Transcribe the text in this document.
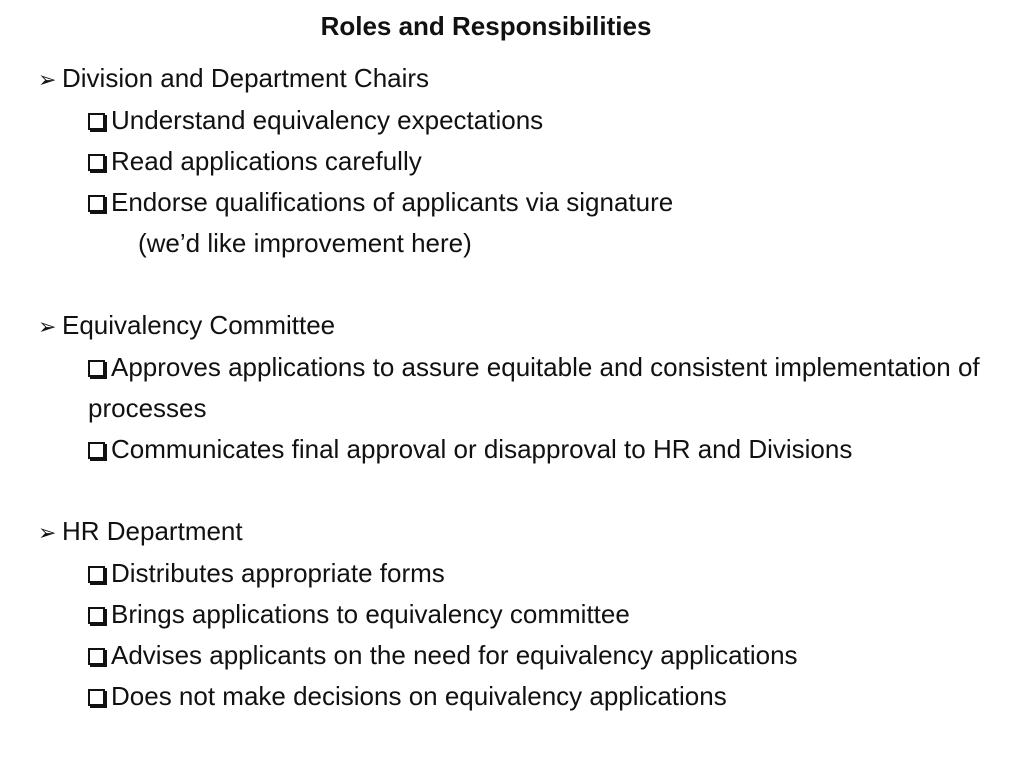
Roles and Responsibilities
➢ Division and Department Chairs
Understand equivalency expectations
Read applications carefully
Endorse qualifications of applicants via signature
(we’d like improvement here)
➢ Equivalency Committee
Approves applications to assure equitable and consistent implementation of processes
Communicates final approval or disapproval to HR and Divisions
➢ HR Department
Distributes appropriate forms
Brings applications to equivalency committee
Advises applicants on the need for equivalency applications
Does not make decisions on equivalency applications
